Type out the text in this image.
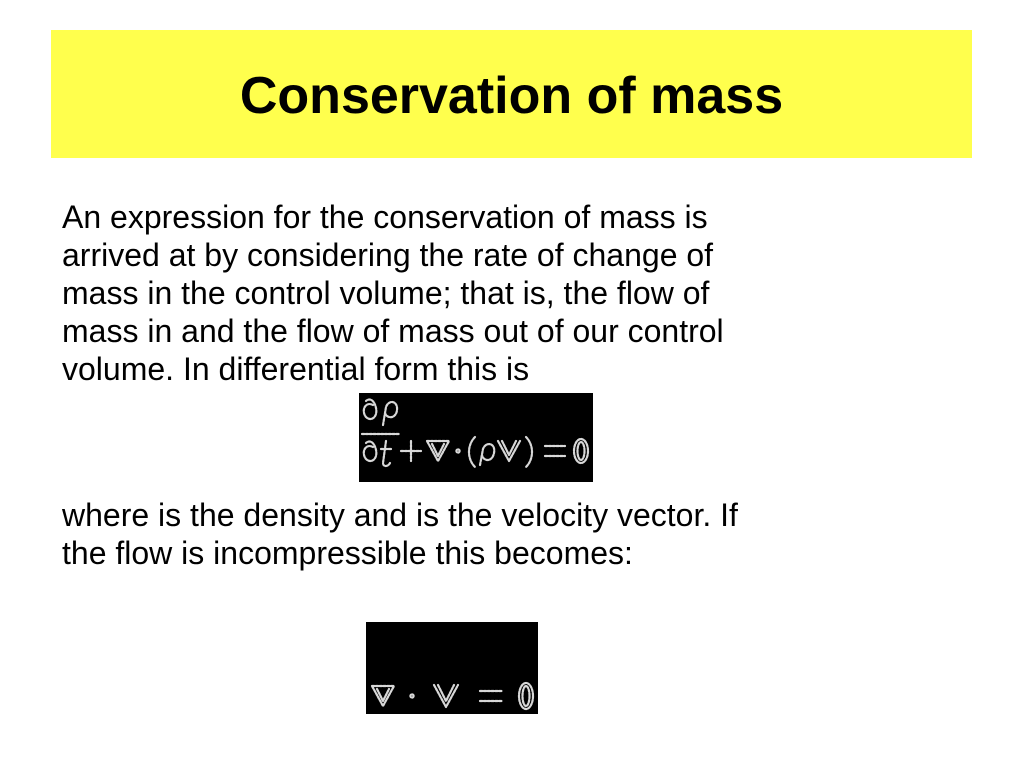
Conservation of mass
An expression for the conservation of mass is
arrived at by considering the rate of change of
mass in the control volume; that is, the flow of
mass in and the flow of mass out of our control
volume. In differential form this is
where is the density and is the velocity vector. If
the flow is incompressible this becomes:
